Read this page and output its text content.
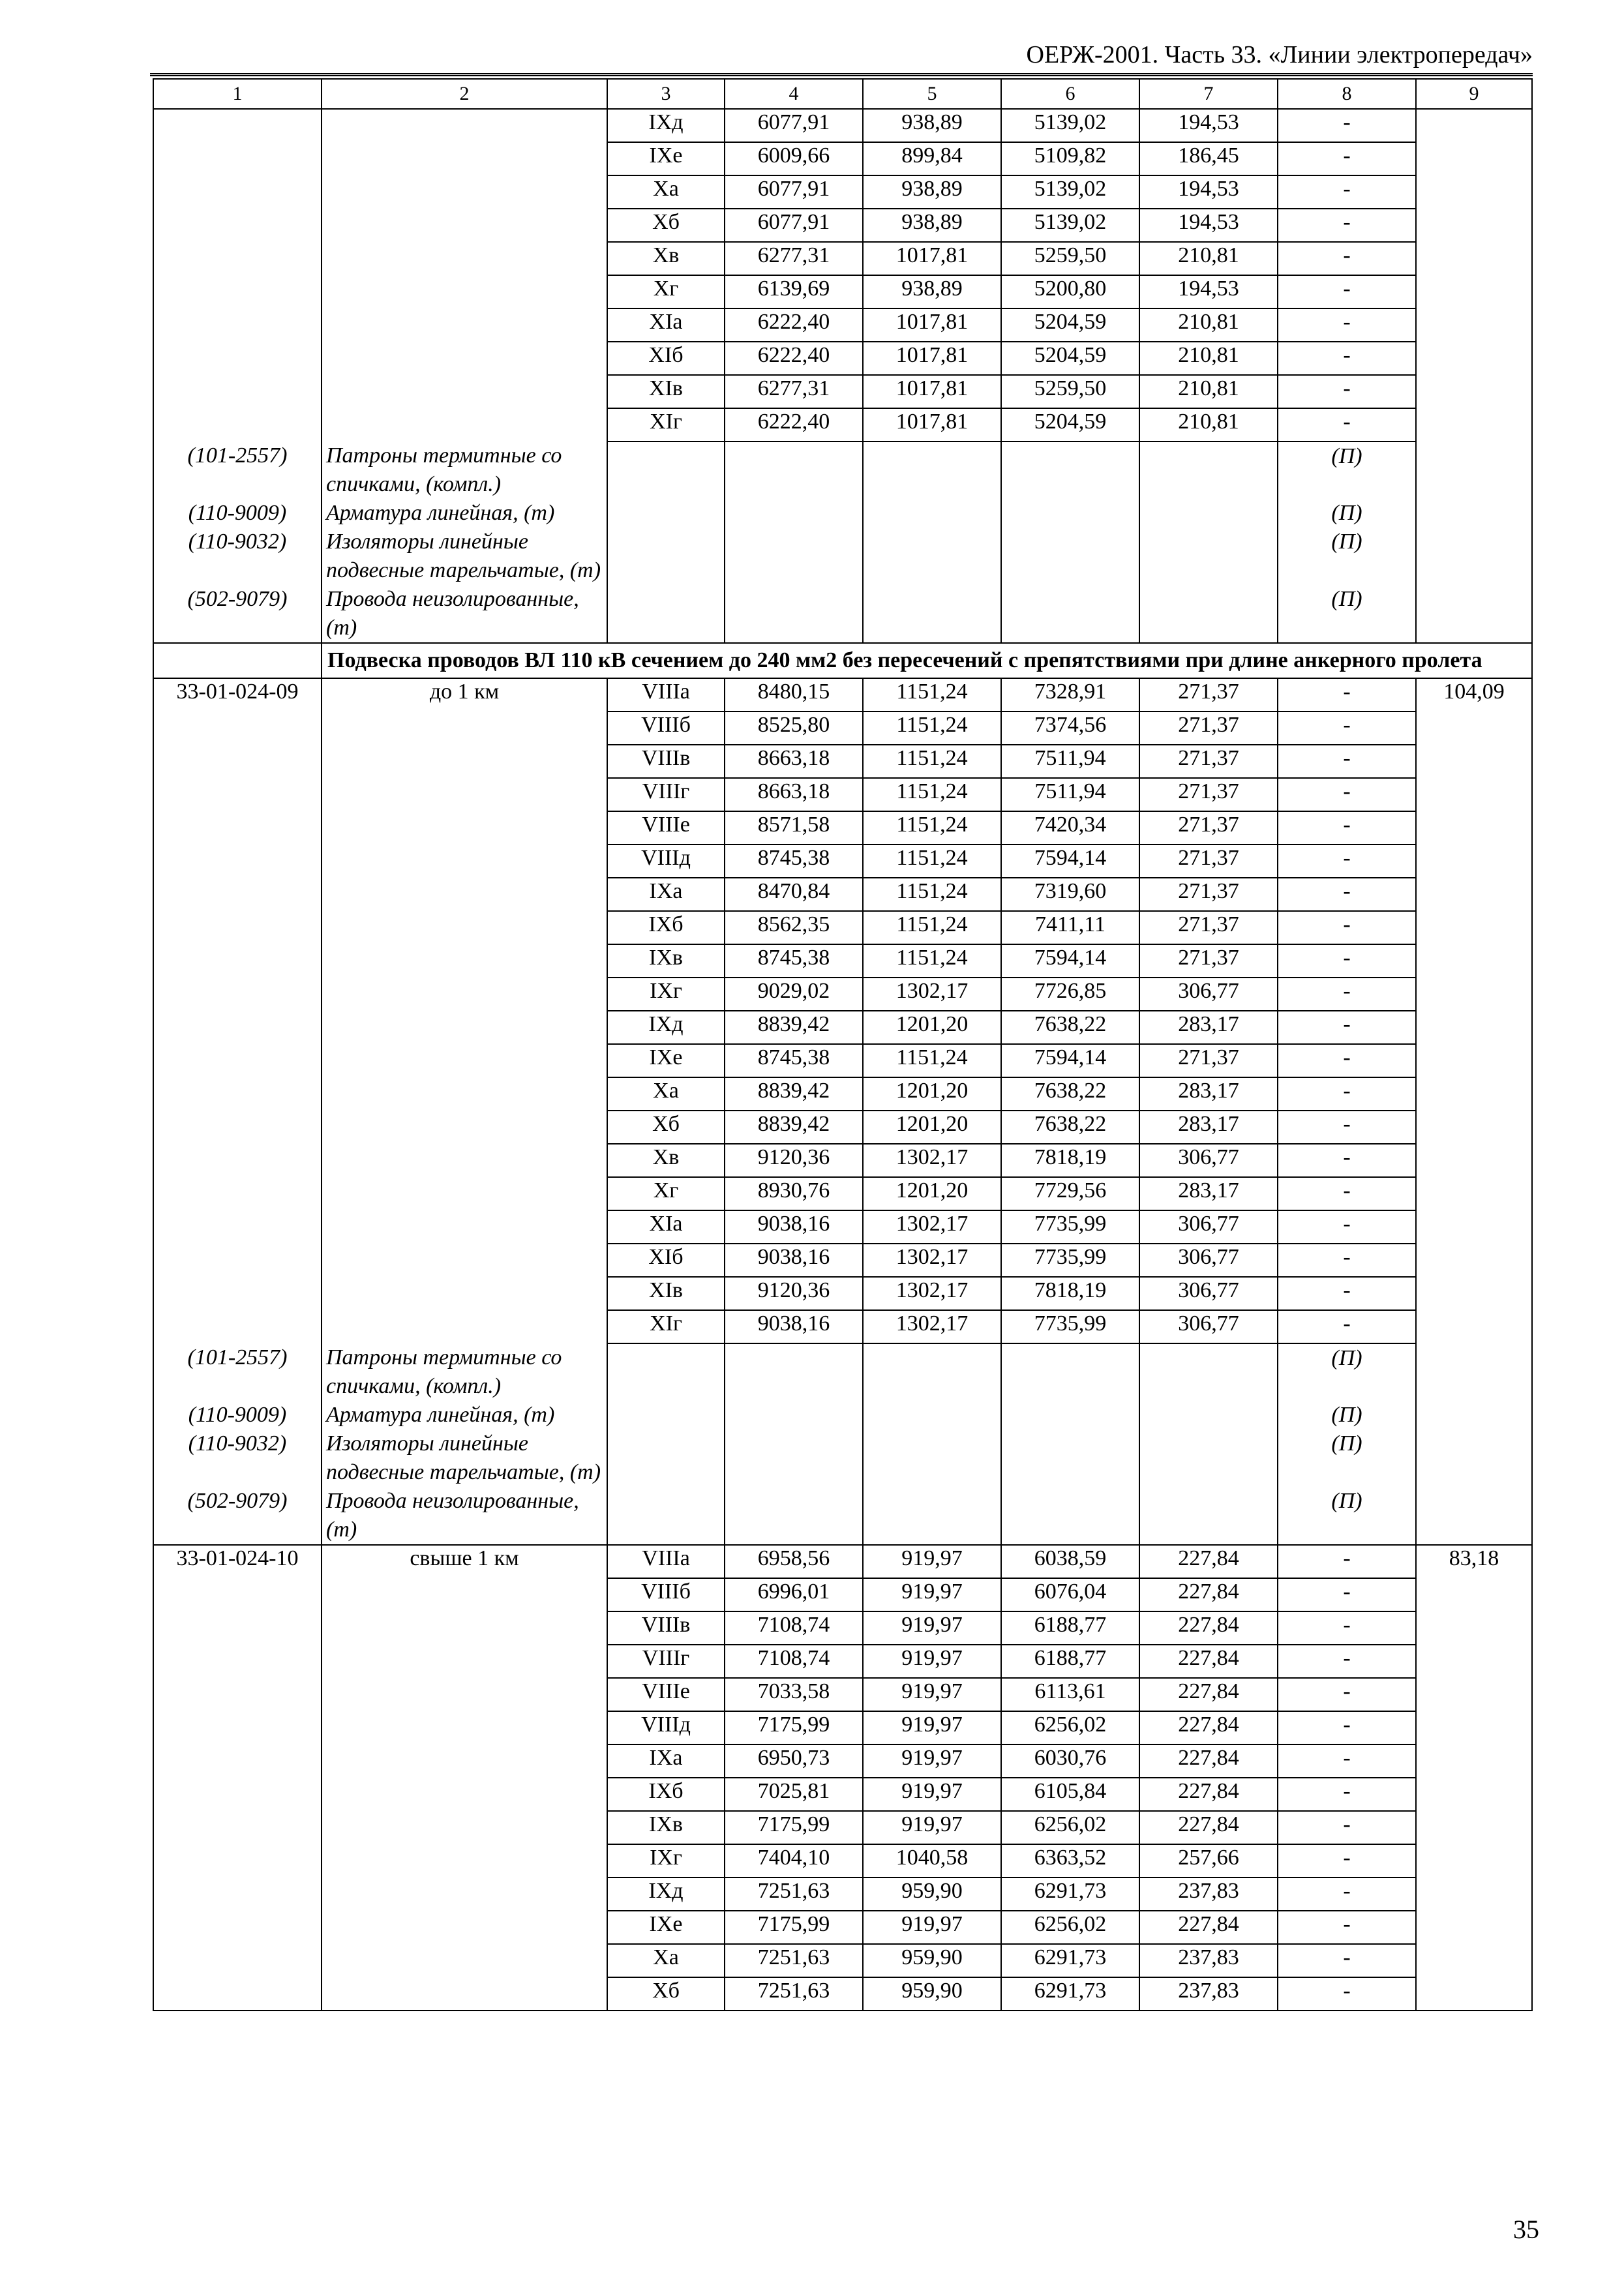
ОЕРЖ-2001. Часть 33. «Линии электропередач»
1	2	3	4	5	6	7	8	9
		IXд	6077,91	938,89	5139,02	194,53	-	
		IXе	6009,66	899,84	5109,82	186,45	-	
		Xа	6077,91	938,89	5139,02	194,53	-	
		Xб	6077,91	938,89	5139,02	194,53	-	
		Xв	6277,31	1017,81	5259,50	210,81	-	
		Xг	6139,69	938,89	5200,80	194,53	-	
		XIа	6222,40	1017,81	5204,59	210,81	-	
		XIб	6222,40	1017,81	5204,59	210,81	-	
		XIв	6277,31	1017,81	5259,50	210,81	-	
		XIг	6222,40	1017,81	5204,59	210,81	-	
(101-2557)	Патроны термитные со спичками, (компл.)						(П)	
(110-9009)	Арматура линейная, (т)						(П)	
(110-9032)	Изоляторы линейные подвесные тарельчатые, (т)						(П)	
(502-9079)	Провода неизолированные, (т)						(П)	
	Подвеска проводов ВЛ 110 кВ сечением до 240 мм2 без пересечений с препятствиями при длине анкерного пролета							
33-01-024-09	до 1 км	VIIIа	8480,15	1151,24	7328,91	271,37	-	104,09
		VIIIб	8525,80	1151,24	7374,56	271,37	-	
		VIIIв	8663,18	1151,24	7511,94	271,37	-	
		VIIIг	8663,18	1151,24	7511,94	271,37	-	
		VIIIе	8571,58	1151,24	7420,34	271,37	-	
		VIIIд	8745,38	1151,24	7594,14	271,37	-	
		IXа	8470,84	1151,24	7319,60	271,37	-	
		IXб	8562,35	1151,24	7411,11	271,37	-	
		IXв	8745,38	1151,24	7594,14	271,37	-	
		IXг	9029,02	1302,17	7726,85	306,77	-	
		IXд	8839,42	1201,20	7638,22	283,17	-	
		IXе	8745,38	1151,24	7594,14	271,37	-	
		Xа	8839,42	1201,20	7638,22	283,17	-	
		Xб	8839,42	1201,20	7638,22	283,17	-	
		Xв	9120,36	1302,17	7818,19	306,77	-	
		Xг	8930,76	1201,20	7729,56	283,17	-	
		XIа	9038,16	1302,17	7735,99	306,77	-	
		XIб	9038,16	1302,17	7735,99	306,77	-	
		XIв	9120,36	1302,17	7818,19	306,77	-	
		XIг	9038,16	1302,17	7735,99	306,77	-	
(101-2557)	Патроны термитные со спичками, (компл.)						(П)	
(110-9009)	Арматура линейная, (т)						(П)	
(110-9032)	Изоляторы линейные подвесные тарельчатые, (т)						(П)	
(502-9079)	Провода неизолированные, (т)						(П)	
33-01-024-10	свыше 1 км	VIIIа	6958,56	919,97	6038,59	227,84	-	83,18
		VIIIб	6996,01	919,97	6076,04	227,84	-	
		VIIIв	7108,74	919,97	6188,77	227,84	-	
		VIIIг	7108,74	919,97	6188,77	227,84	-	
		VIIIе	7033,58	919,97	6113,61	227,84	-	
		VIIIд	7175,99	919,97	6256,02	227,84	-	
		IXа	6950,73	919,97	6030,76	227,84	-	
		IXб	7025,81	919,97	6105,84	227,84	-	
		IXв	7175,99	919,97	6256,02	227,84	-	
		IXг	7404,10	1040,58	6363,52	257,66	-	
		IXд	7251,63	959,90	6291,73	237,83	-	
		IXе	7175,99	919,97	6256,02	227,84	-	
		Xа	7251,63	959,90	6291,73	237,83	-	
		Xб	7251,63	959,90	6291,73	237,83	-	
35
